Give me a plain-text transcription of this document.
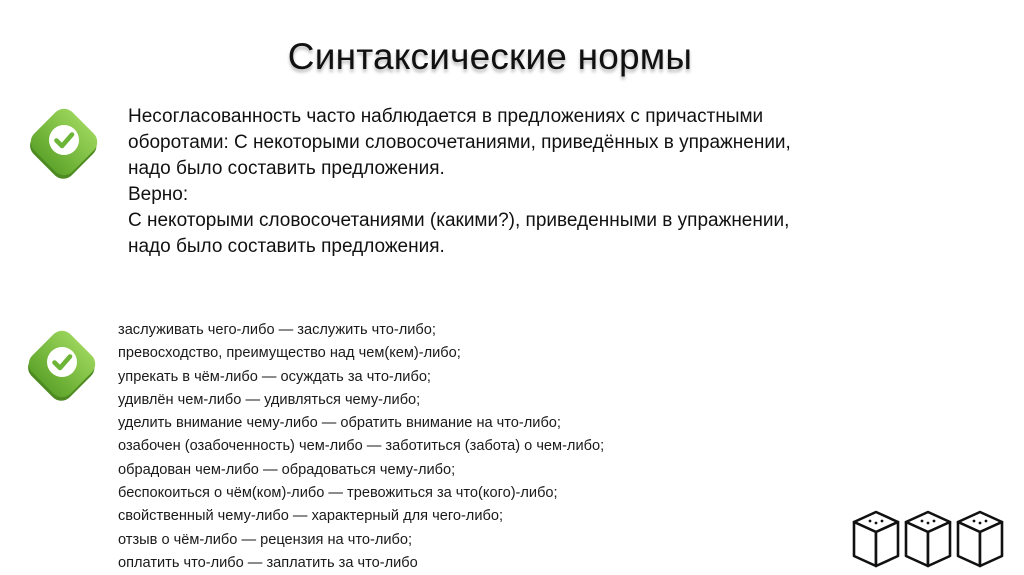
Синтаксические нормы
Несогласованность часто наблюдается в предложениях с причастными
оборотами: С некоторыми словосочетаниями, приведённых в упражнении,
надо было составить предложения.
Верно:
С некоторыми словосочетаниями (какими?), приведенными в упражнении,
надо было составить предложения.
заслуживать чего-либо — заслужить что-либо;
превосходство, преимущество над чем(кем)-либо;
упрекать в чём-либо — осуждать за что-либо;
удивлён чем-либо — удивляться чему-либо;
уделить внимание чему-либо — обратить внимание на что-либо;
озабочен (озабоченность) чем-либо — заботиться (забота) о чем-либо;
обрадован чем-либо — обрадоваться чему-либо;
беспокоиться о чём(ком)-либо — тревожиться за что(кого)-либо;
свойственный чему-либо — характерный для чего-либо;
отзыв о чём-либо — рецензия на что-либо;
оплатить что-либо — заплатить за что-либо
